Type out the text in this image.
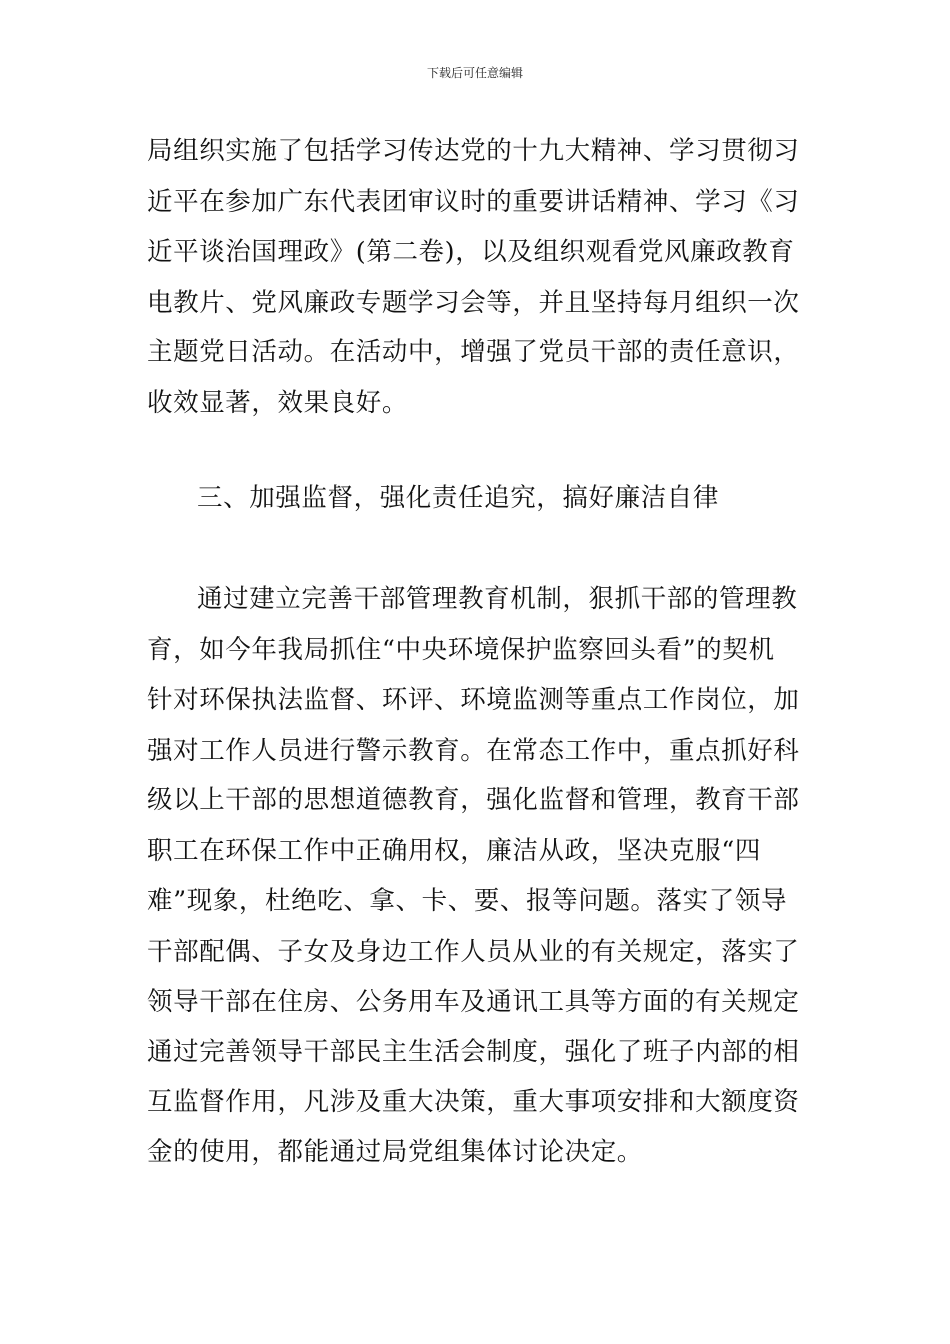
下载后可任意编辑
局组织实施了包括学习传达党的十九大精神、学习贯彻习
近平在参加广东代表团审议时的重要讲话精神、学习《习
近平谈治国理政》(第二卷)，以及组织观看党风廉政教育
电教片、党风廉政专题学习会等，并且坚持每月组织一次
主题党日活动。在活动中，增强了党员干部的责任意识，
收效显著，效果良好。
三、加强监督，强化责任追究，搞好廉洁自律
通过建立完善干部管理教育机制，狠抓干部的管理教
育，如今年我局抓住“中央环境保护监察回头看”的契机
针对环保执法监督、环评、环境监测等重点工作岗位，加
强对工作人员进行警示教育。在常态工作中，重点抓好科
级以上干部的思想道德教育，强化监督和管理，教育干部
职工在环保工作中正确用权，廉洁从政，坚决克服“四
难”现象，杜绝吃、拿、卡、要、报等问题。落实了领导
干部配偶、子女及身边工作人员从业的有关规定，落实了
领导干部在住房、公务用车及通讯工具等方面的有关规定
通过完善领导干部民主生活会制度，强化了班子内部的相
互监督作用，凡涉及重大决策，重大事项安排和大额度资
金的使用，都能通过局党组集体讨论决定。
